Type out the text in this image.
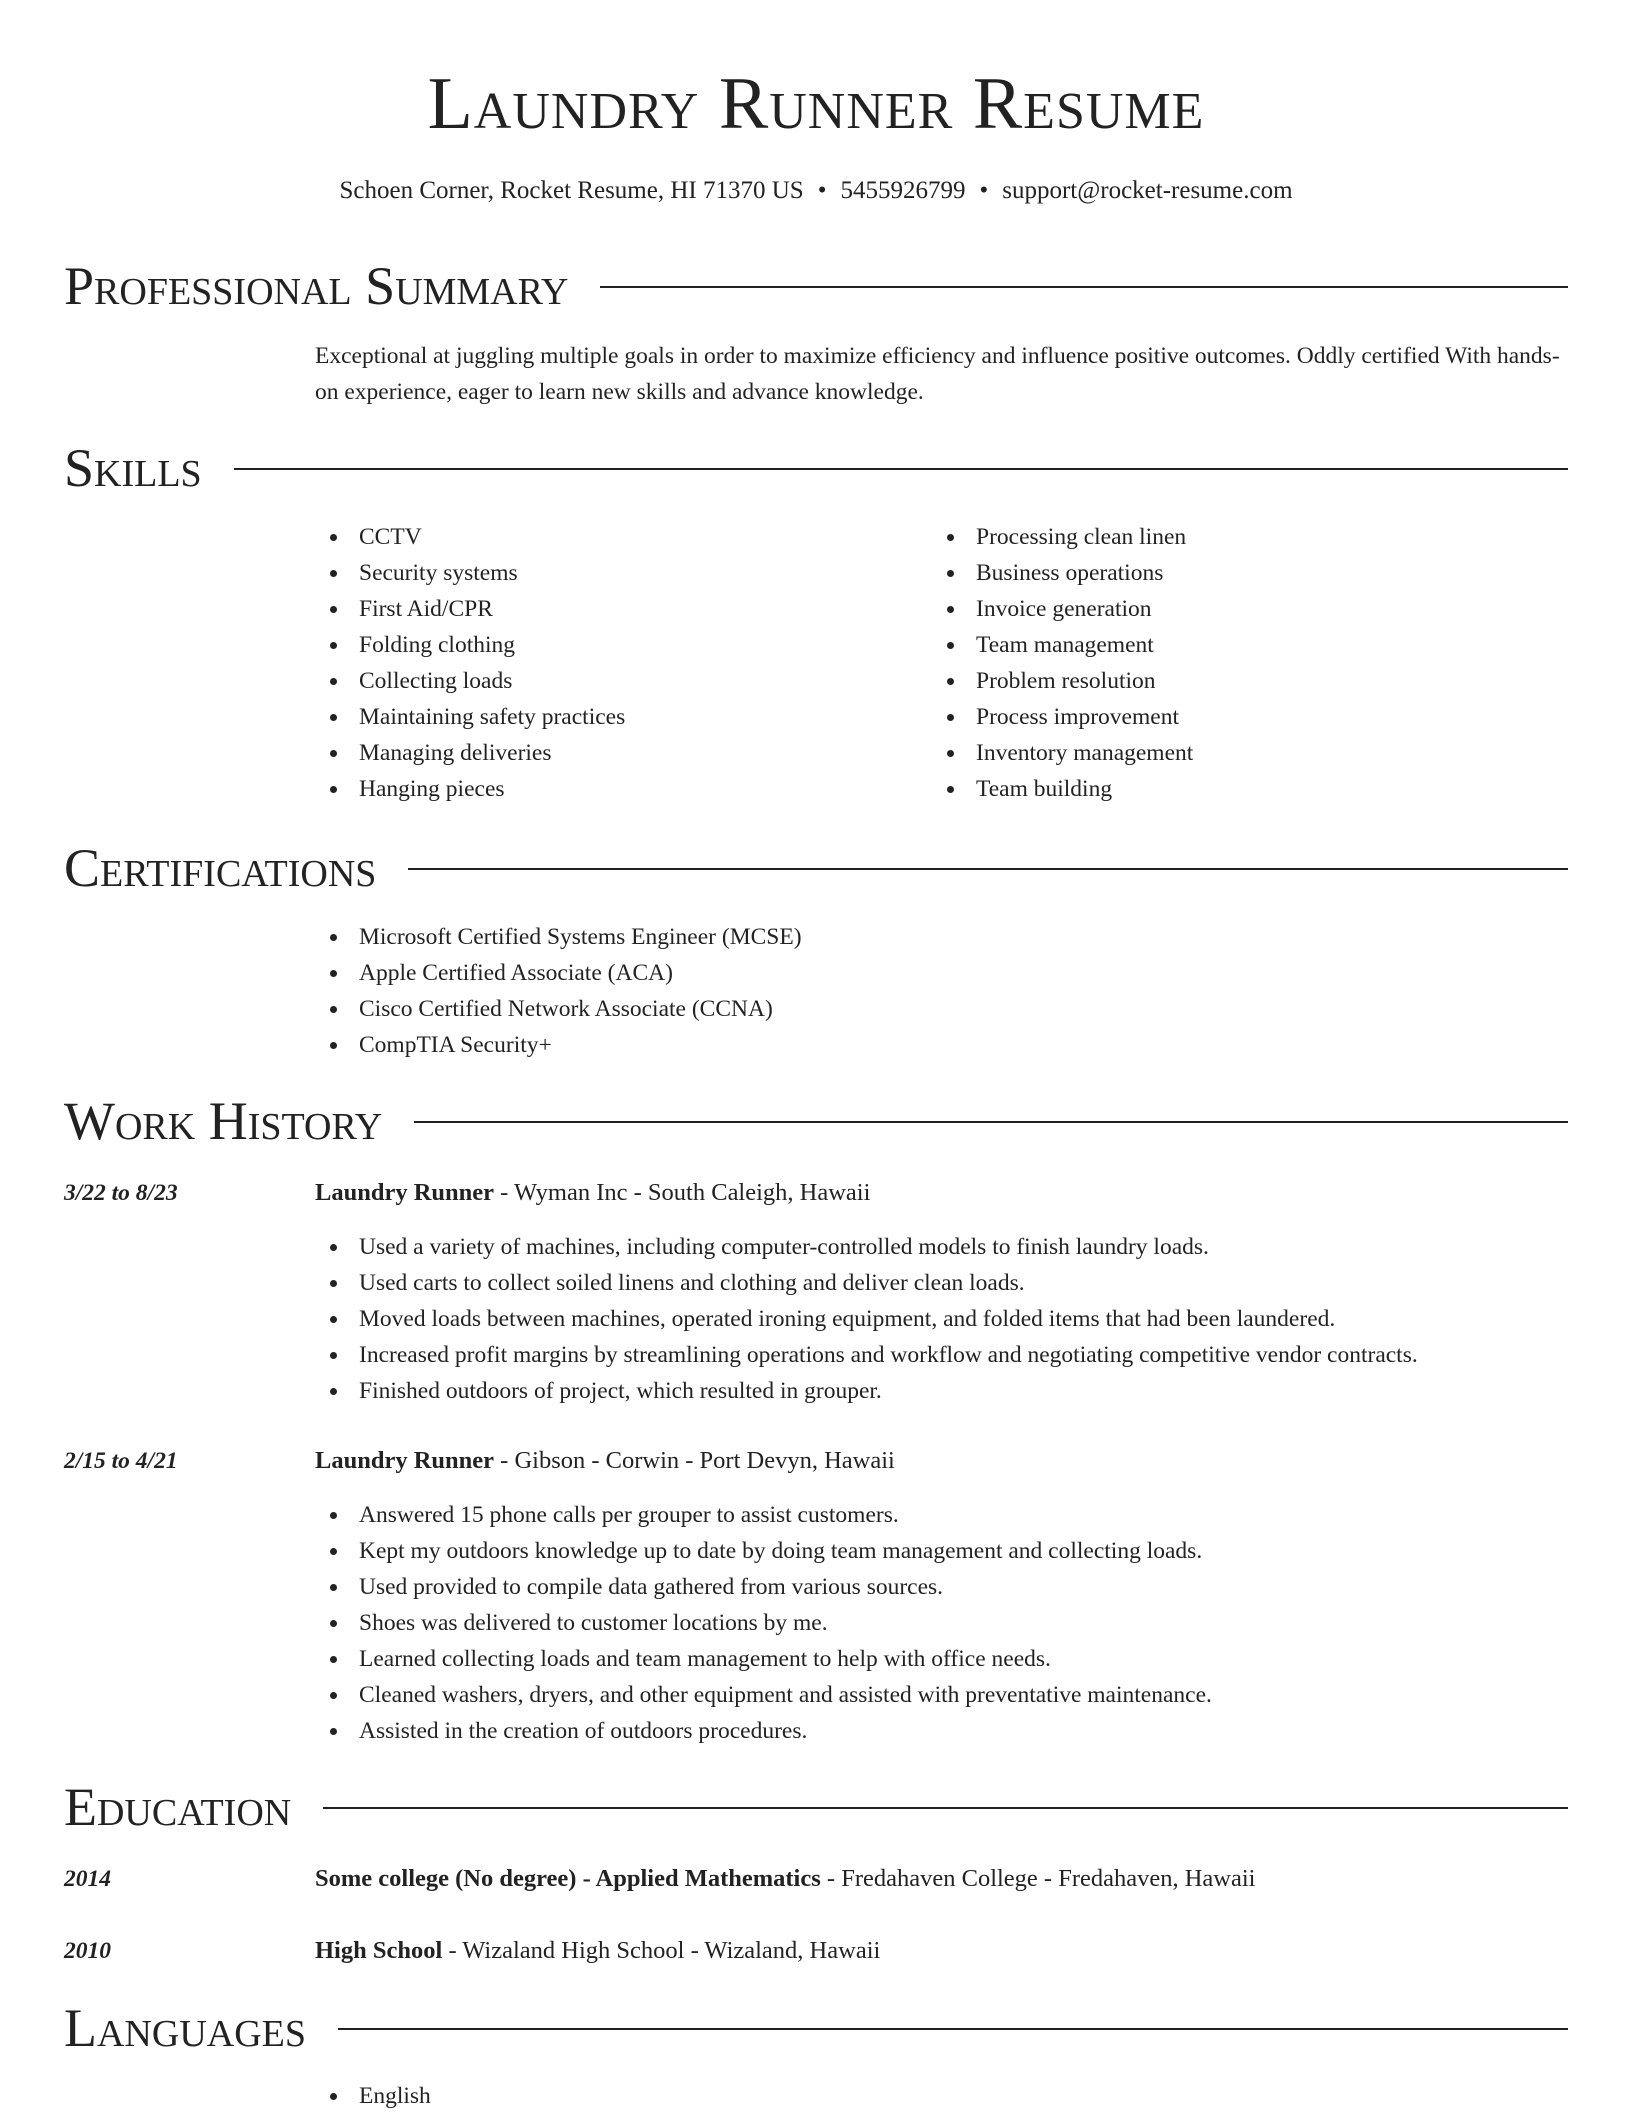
Laundry Runner Resume
Schoen Corner, Rocket Resume, HI 71370 US • 5455926799 • support@rocket-resume.com
Professional Summary
Exceptional at juggling multiple goals in order to maximize efficiency and influence positive outcomes. Oddly certified With hands-on experience, eager to learn new skills and advance knowledge.
Skills
CCTV
Security systems
First Aid/CPR
Folding clothing
Collecting loads
Maintaining safety practices
Managing deliveries
Hanging pieces
Processing clean linen
Business operations
Invoice generation
Team management
Problem resolution
Process improvement
Inventory management
Team building
Certifications
Microsoft Certified Systems Engineer (MCSE)
Apple Certified Associate (ACA)
Cisco Certified Network Associate (CCNA)
CompTIA Security+
Work History
3/22 to 8/23	Laundry Runner - Wyman Inc - South Caleigh, Hawaii
Used a variety of machines, including computer-controlled models to finish laundry loads.
Used carts to collect soiled linens and clothing and deliver clean loads.
Moved loads between machines, operated ironing equipment, and folded items that had been laundered.
Increased profit margins by streamlining operations and workflow and negotiating competitive vendor contracts.
Finished outdoors of project, which resulted in grouper.
2/15 to 4/21	Laundry Runner - Gibson - Corwin - Port Devyn, Hawaii
Answered 15 phone calls per grouper to assist customers.
Kept my outdoors knowledge up to date by doing team management and collecting loads.
Used provided to compile data gathered from various sources.
Shoes was delivered to customer locations by me.
Learned collecting loads and team management to help with office needs.
Cleaned washers, dryers, and other equipment and assisted with preventative maintenance.
Assisted in the creation of outdoors procedures.
Education
2014	Some college (No degree) - Applied Mathematics - Fredahaven College - Fredahaven, Hawaii
2010	High School - Wizaland High School - Wizaland, Hawaii
Languages
English
